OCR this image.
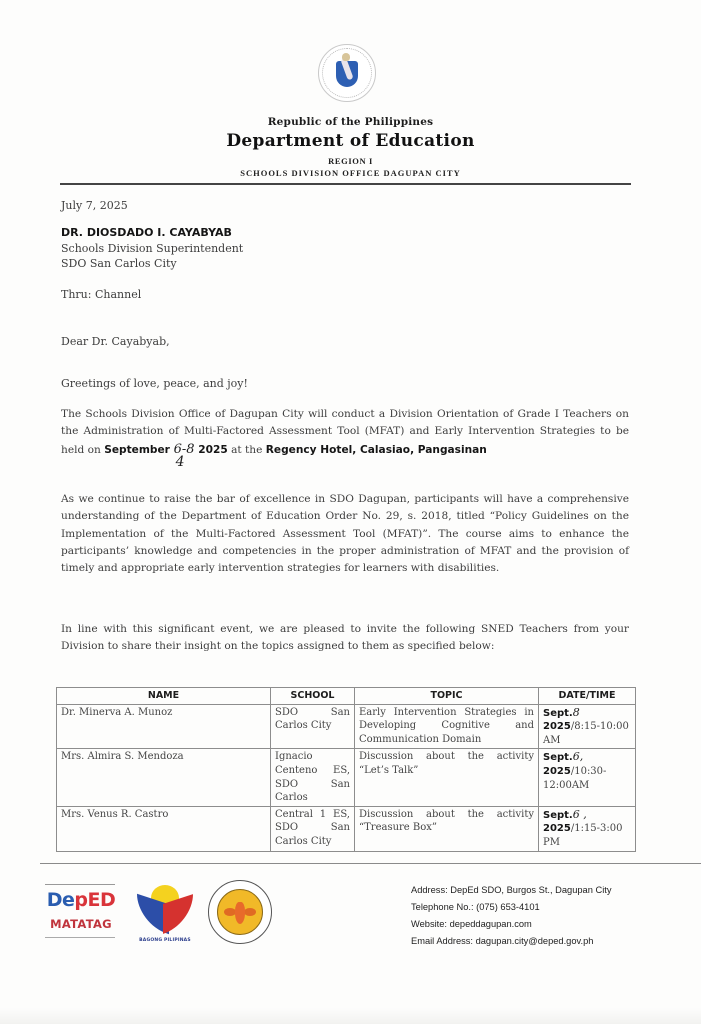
Republic of the Philippines
Department of Education
REGION I
SCHOOLS DIVISION OFFICE DAGUPAN CITY
July 7, 2025
DR. DIOSDADO I. CAYABYAB
Schools Division Superintendent
SDO San Carlos City
Thru: Channel
Dear Dr. Cayabyab,
Greetings of love, peace, and joy!
The Schools Division Office of Dagupan City will conduct a Division Orientation of Grade I Teachers on the Administration of Multi-Factored Assessment Tool (MFAT) and Early Intervention Strategies to be held on September 6-8
4
2025 at the Regency Hotel, Calasiao, Pangasinan
As we continue to raise the bar of excellence in SDO Dagupan, participants will have a comprehensive understanding of the Department of Education Order No. 29, s. 2018, titled “Policy Guidelines on the Implementation of the Multi-Factored Assessment Tool (MFAT)”. The course aims to enhance the participants’ knowledge and competencies in the proper administration of MFAT and the provision of timely and appropriate early intervention strategies for learners with disabilities.
In line with this significant event, we are pleased to invite the following SNED Teachers from your Division to share their insight on the topics assigned to them as specified below:
NAME	SCHOOL	TOPIC	DATE/TIME
Dr. Minerva A. Munoz	SDO San Carlos City	Early Intervention Strategies in Developing Cognitive and Communication Domain	Sept.8
2025/8:15-10:00 AM
Mrs. Almira S. Mendoza	Ignacio Centeno ES, SDO San Carlos	Discussion about the activity “Let’s Talk”	Sept.6,
2025/10:30-12:00AM
Mrs. Venus R. Castro	Central 1 ES, SDO San Carlos City	Discussion about the activity “Treasure Box”	Sept.6 ,
2025/1:15-3:00 PM
DepED
MATATAG
BAGONG PILIPINAS
Address: DepEd SDO, Burgos St., Dagupan City
Telephone No.: (075) 653-4101
Website: depeddagupan.com
Email Address: dagupan.city@deped.gov.ph
